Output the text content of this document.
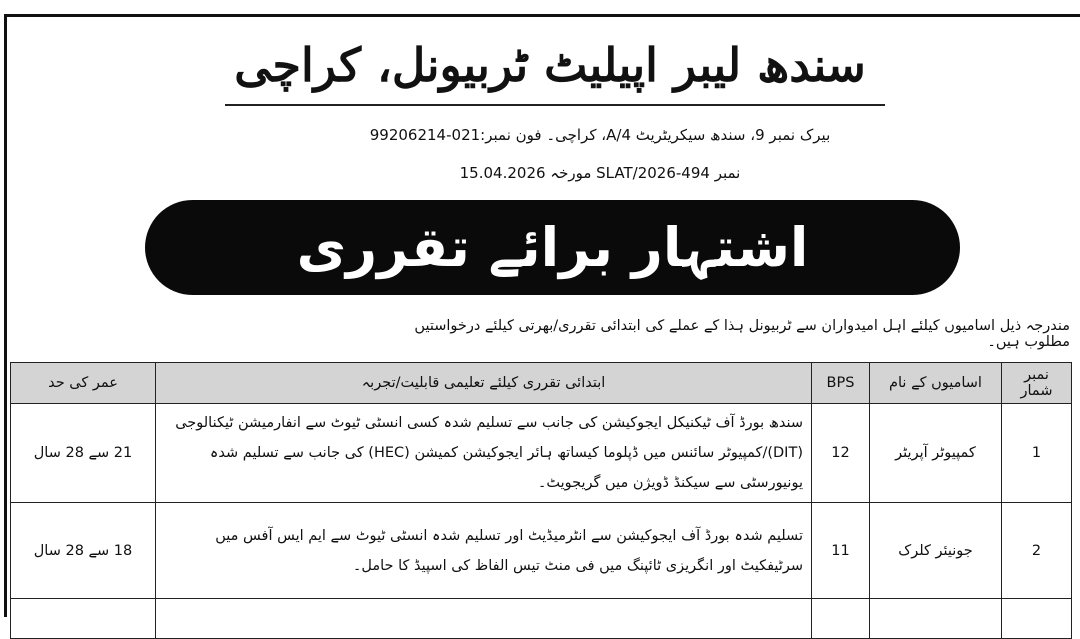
سندھ لیبر اپیلیٹ ٹربیونل، کراچی
بیرک نمبر 9، سندھ سیکریٹریٹ 4/A، کراچی۔ فون نمبر:021-99206214
نمبر SLAT/2026-494 مورخہ 15.04.2026
اشتہار برائے تقرری
مندرجہ ذیل اسامیوں کیلئے اہل امیدواران سے ٹربیونل ہذا کے عملے کی ابتدائی تقرری/بھرتی کیلئے درخواستیں مطلوب ہیں۔
نمبر شمار	اسامیوں کے نام	BPS	ابتدائی تقرری کیلئے تعلیمی قابلیت/تجربہ	عمر کی حد
1	کمپیوٹر آپریٹر	12	سندھ بورڈ آف ٹیکنیکل ایجوکیشن کی جانب سے تسلیم شدہ کسی انسٹی ٹیوٹ سے انفارمیشن ٹیکنالوجی (DIT)/کمپیوٹر سائنس میں ڈپلوما کیساتھ ہائر ایجوکیشن کمیشن (HEC) کی جانب سے تسلیم شدہ یونیورسٹی سے سیکنڈ ڈویژن میں گریجویٹ۔	21 سے 28 سال
2	جونیئر کلرک	11	تسلیم شدہ بورڈ آف ایجوکیشن سے انٹرمیڈیٹ اور تسلیم شدہ انسٹی ٹیوٹ سے ایم ایس آفس میں سرٹیفکیٹ اور انگریزی ٹائپنگ میں فی منٹ تیس الفاظ کی اسپیڈ کا حامل۔	18 سے 28 سال
